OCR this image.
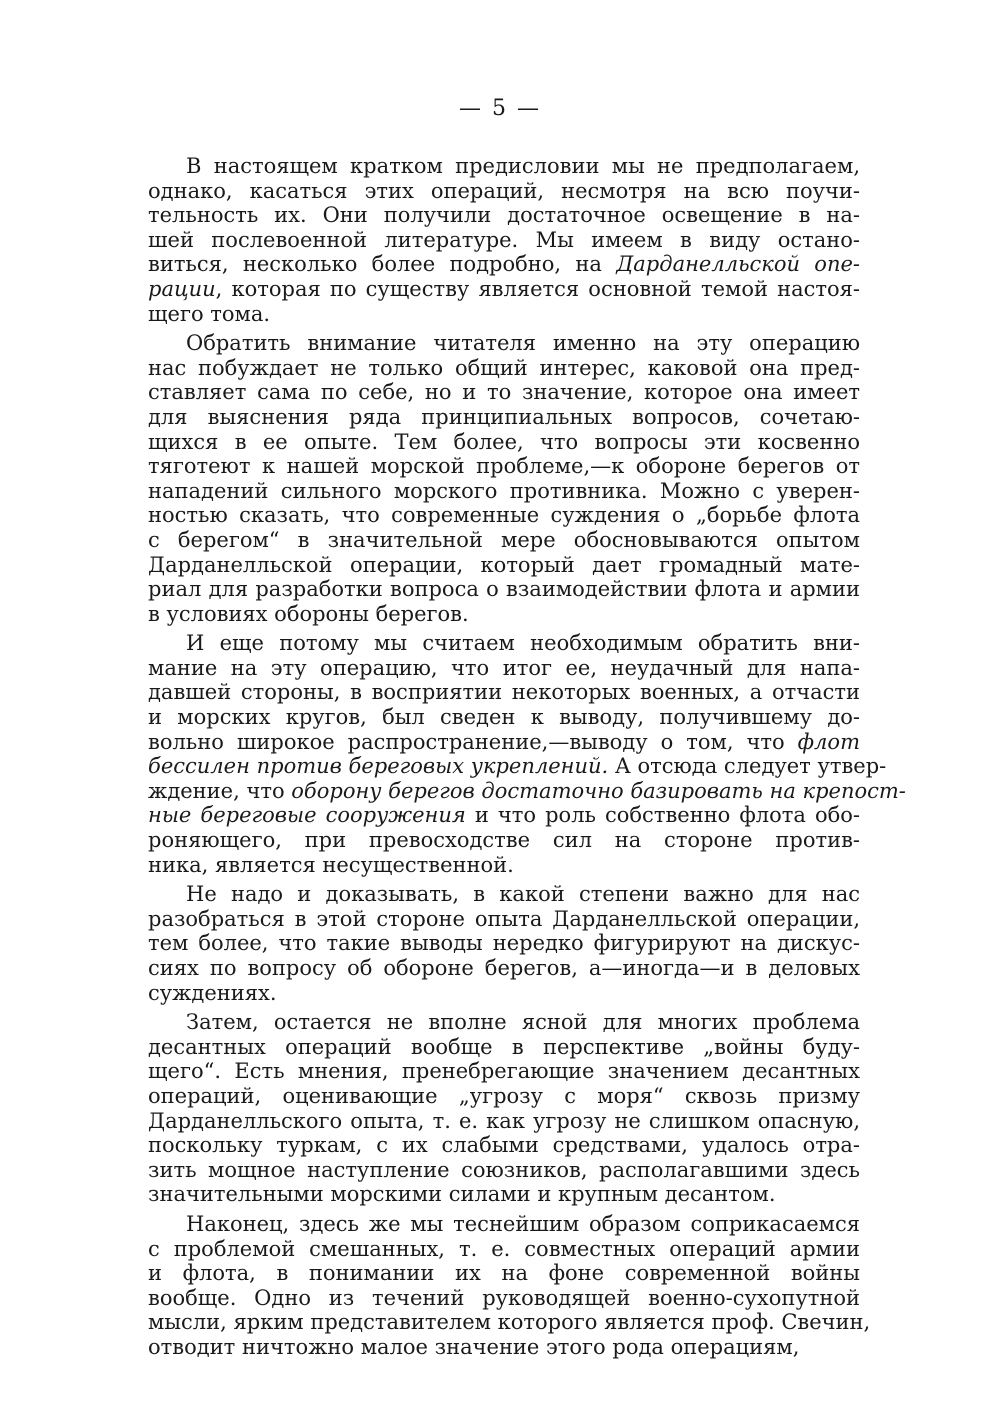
— 5 —
В настоящем кратком предисловии мы не предполагаем,
однако, касаться этих операций, несмотря на всю поучи-
тельность их. Они получили достаточное освещение в на-
шей послевоенной литературе. Мы имеем в виду остано-
виться, несколько более подробно, на Дарданелльской опе-
рации, которая по существу является основной темой настоя-
щего тома.
Обратить внимание читателя именно на эту операцию
нас побуждает не только общий интерес, каковой она пред-
ставляет сама по себе, но и то значение, которое она имеет
для выяснения ряда принципиальных вопросов, сочетаю-
щихся в ее опыте. Тем более, что вопросы эти косвенно
тяготеют к нашей морской проблеме,—к обороне берегов от
нападений сильного морского противника. Можно с уверен-
ностью сказать, что современные суждения о „борьбе флота
с берегом“ в значительной мере обосновываются опытом
Дарданелльской операции, который дает громадный мате-
риал для разработки вопроса о взаимодействии флота и армии
в условиях обороны берегов.
И еще потому мы считаем необходимым обратить вни-
мание на эту операцию, что итог ее, неудачный для напа-
давшей стороны, в восприятии некоторых военных, а отчасти
и морских кругов, был сведен к выводу, получившему до-
вольно широкое распространение,—выводу о том, что флот
бессилен против береговых укреплений. А отсюда следует утвер-
ждение, что оборону берегов достаточно базировать на крепост-
ные береговые сооружения и что роль собственно флота обо-
роняющего, при превосходстве сил на стороне против-
ника, является несущественной.
Не надо и доказывать, в какой степени важно для нас
разобраться в этой стороне опыта Дарданелльской операции,
тем более, что такие выводы нередко фигурируют на дискус-
сиях по вопросу об обороне берегов, а—иногда—и в деловых
суждениях.
Затем, остается не вполне ясной для многих проблема
десантных операций вообще в перспективе „войны буду-
щего“. Есть мнения, пренебрегающие значением десантных
операций, оценивающие „угрозу с моря“ сквозь призму
Дарданелльского опыта, т. е. как угрозу не слишком опасную,
поскольку туркам, с их слабыми средствами, удалось отра-
зить мощное наступление союзников, располагавшими здесь
значительными морскими силами и крупным десантом.
Наконец, здесь же мы теснейшим образом соприкасаемся
с проблемой смешанных, т. е. совместных операций армии
и флота, в понимании их на фоне современной войны
вообще. Одно из течений руководящей военно-сухопутной
мысли, ярким представителем которого является проф. Свечин,
отводит ничтожно малое значение этого рода операциям,
